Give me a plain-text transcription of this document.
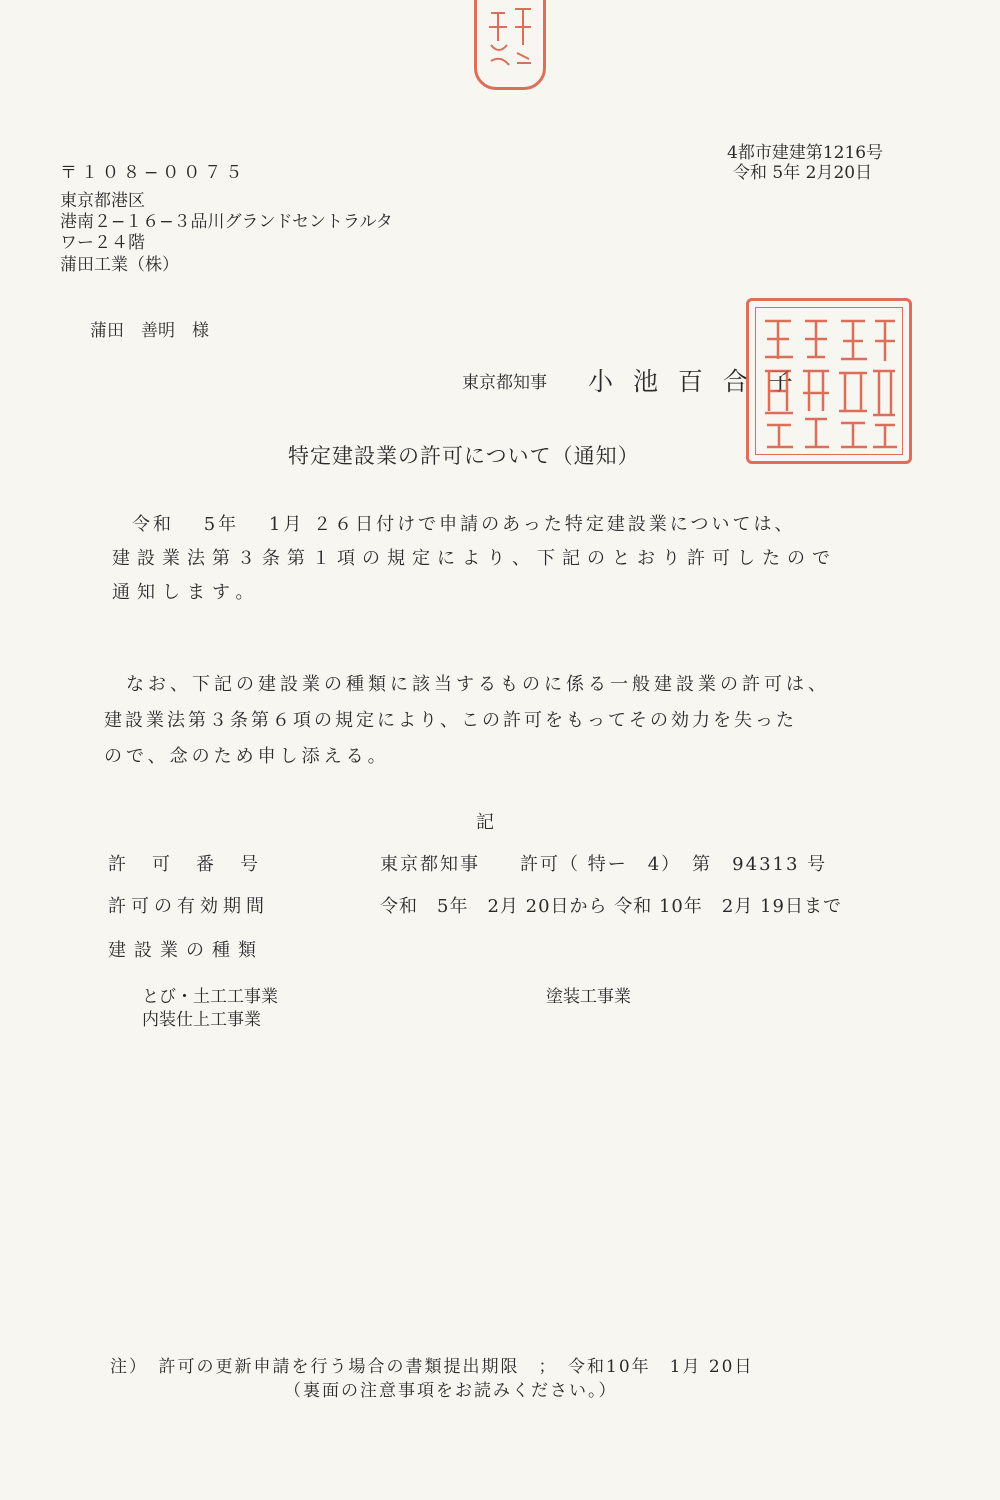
4都市建建第1216号
令和 5年 2月20日
〒１０８−００７５
東京都港区
港南２−１６−３品川グランドセントラルタ
ワー２４階
蒲田工業（株）
蒲田　善明　様
東京都知事 小 池 百 合 子
特定建設業の許可について（通知）
令和　 5年　 1月 ２６日付けで申請のあった特定建設業については、
建設業法第３条第１項の規定により、下記のとおり許可したので
通知します。
なお、下記の建設業の種類に該当するものに係る一般建設業の許可は、
建設業法第３条第６項の規定により、この許可をもってその効力を失った
ので、念のため申し添える。
記
許　可　番　号	東京都知事　　許可（ 特ー　4）　第　94313 号
許可の有効期間	令和　5年　2月 20日から 令和 10年　2月 19日まで
建設業の種類
とび・土工工事業
内装仕上工事業
塗装工事業
注）　許可の更新申請を行う場合の書類提出期限　；　令和10年　1月 20日
（裏面の注意事項をお読みください。）
